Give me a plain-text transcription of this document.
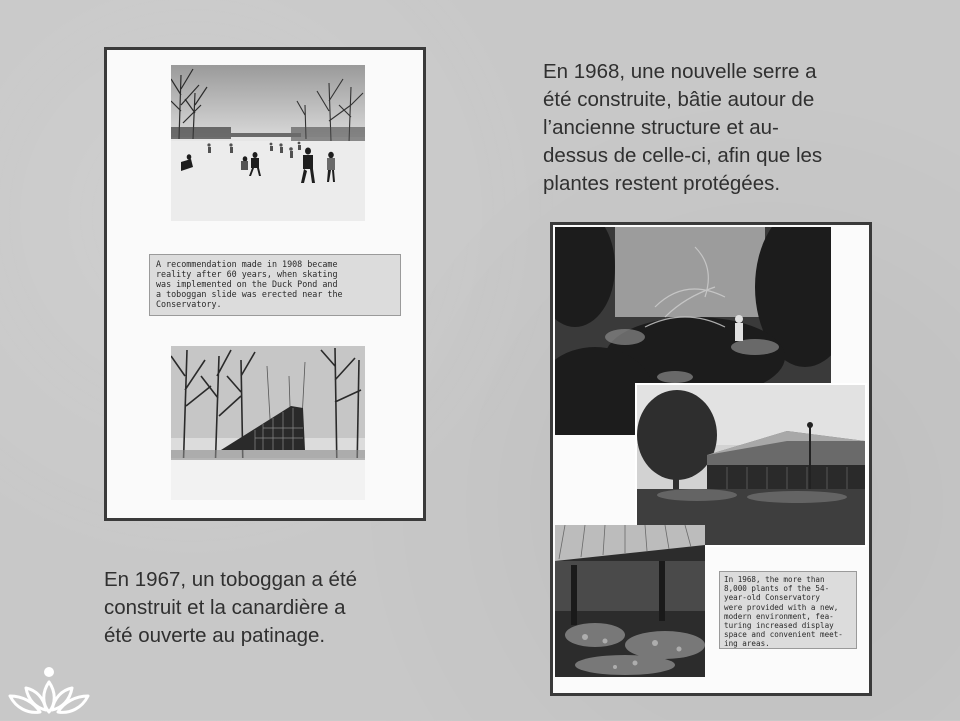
A recommendation made in 1908 became
reality after 60 years, when skating
was implemented on the Duck Pond and
a toboggan slide was erected near the
Conservatory.
En 1968, une nouvelle serre a
été construite, bâtie autour de
l’ancienne structure et au-
dessus de celle-ci, afin que les
plantes restent protégées.
In 1968, the more than
8,000 plants of the 54-
year-old Conservatory
were provided with a new,
modern environment, fea-
turing increased display
space and convenient meet-
ing areas.
En 1967, un toboggan a été
construit et la canardière a
été ouverte au patinage.
